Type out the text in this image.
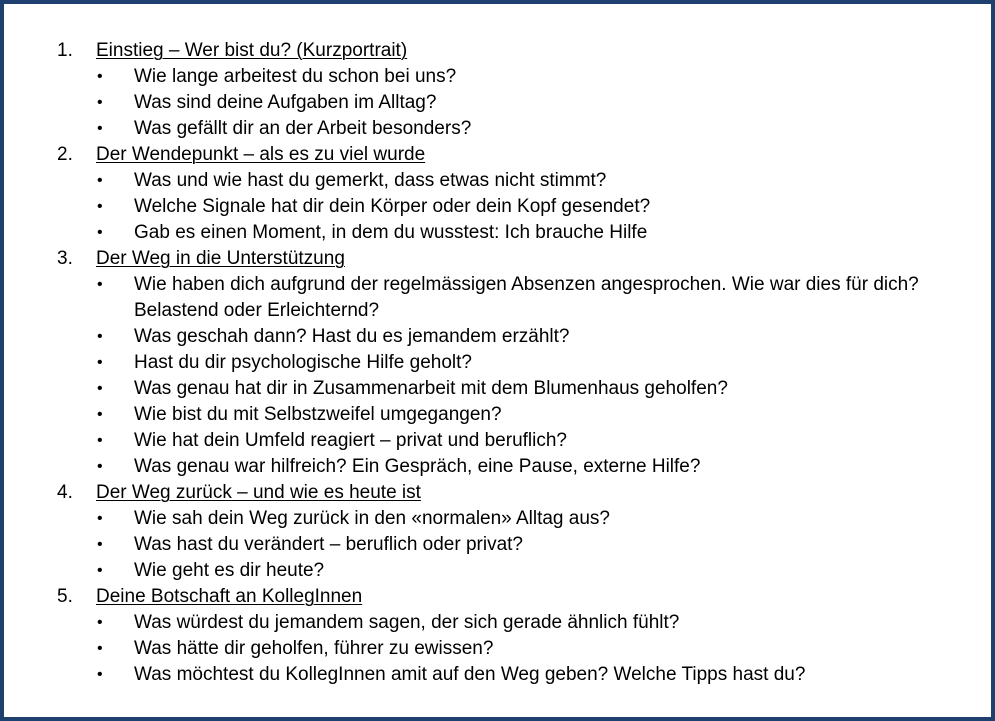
1. Einstieg – Wer bist du? (Kurzportrait)
• Wie lange arbeitest du schon bei uns?
• Was sind deine Aufgaben im Alltag?
• Was gefällt dir an der Arbeit besonders?
2. Der Wendepunkt – als es zu viel wurde
• Was und wie hast du gemerkt, dass etwas nicht stimmt?
• Welche Signale hat dir dein Körper oder dein Kopf gesendet?
• Gab es einen Moment, in dem du wusstest: Ich brauche Hilfe
3. Der Weg in die Unterstützung
• Wie haben dich aufgrund der regelmässigen Absenzen angesprochen. Wie war dies für dich? Belastend oder Erleichternd?
• Was geschah dann? Hast du es jemandem erzählt?
• Hast du dir psychologische Hilfe geholt?
• Was genau hat dir in Zusammenarbeit mit dem Blumenhaus geholfen?
• Wie bist du mit Selbstzweifel umgegangen?
• Wie hat dein Umfeld reagiert – privat und beruflich?
• Was genau war hilfreich? Ein Gespräch, eine Pause, externe Hilfe?
4. Der Weg zurück – und wie es heute ist
• Wie sah dein Weg zurück in den «normalen» Alltag aus?
• Was hast du verändert – beruflich oder privat?
• Wie geht es dir heute?
5. Deine Botschaft an KollegInnen
• Was würdest du jemandem sagen, der sich gerade ähnlich fühlt?
• Was hätte dir geholfen, führer zu ewissen?
• Was möchtest du KollegInnen amit auf den Weg geben? Welche Tipps hast du?
